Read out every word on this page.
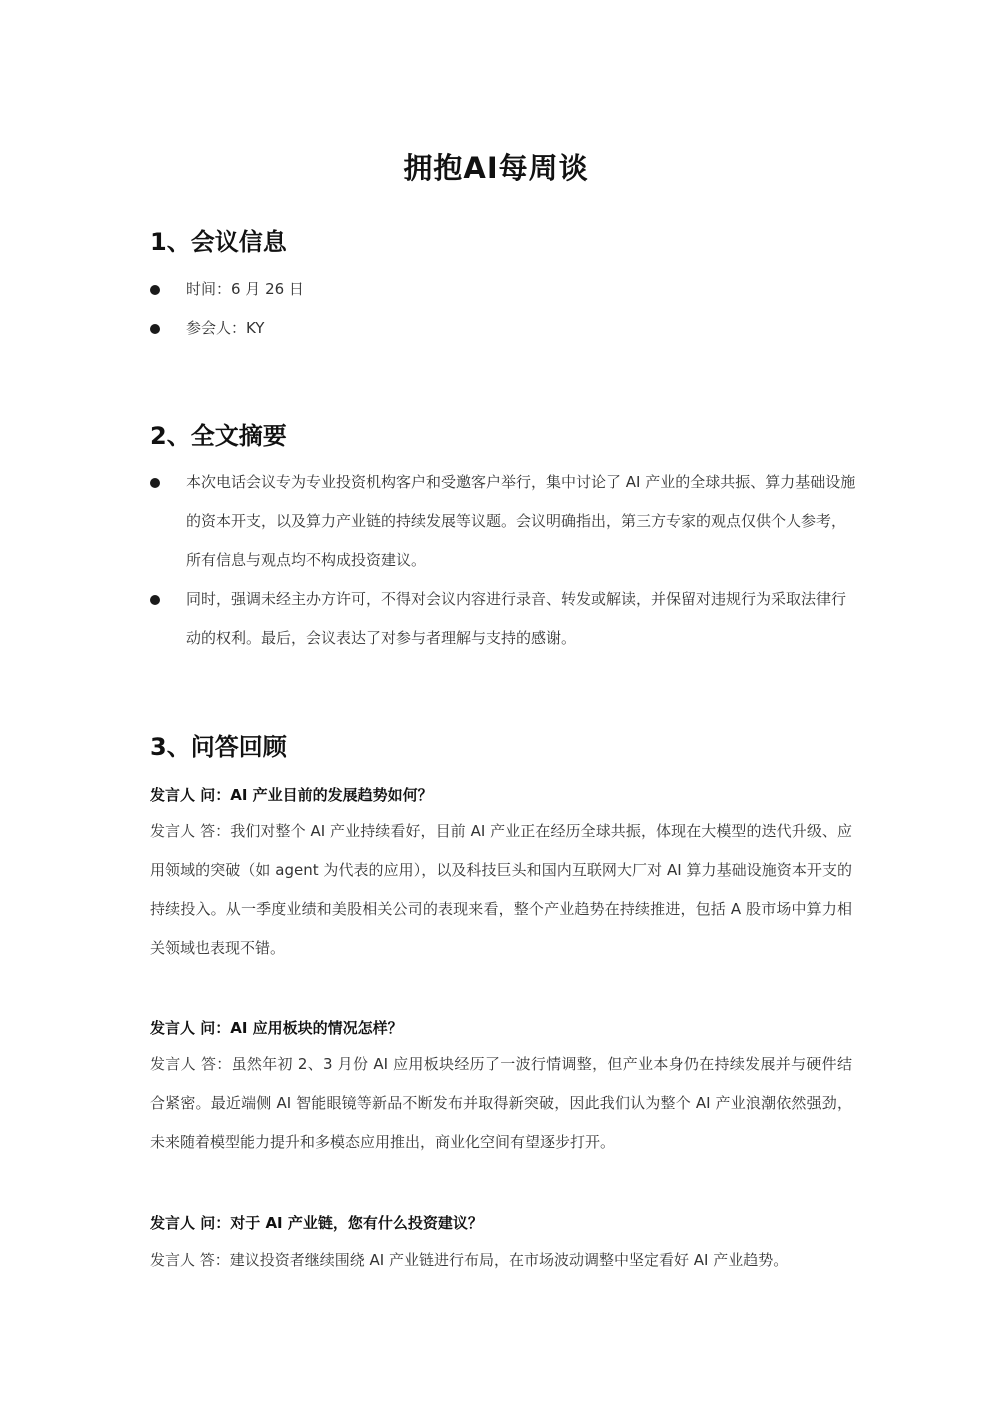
拥抱AI每周谈
1、会议信息
时间：6 月 26 日
参会人：KY
2、全文摘要
本次电话会议专为专业投资机构客户和受邀客户举行，集中讨论了 AI 产业的全球共振、算力基础设施的资本开支，以及算力产业链的持续发展等议题。会议明确指出，第三方专家的观点仅供个人参考，所有信息与观点均不构成投资建议。
同时，强调未经主办方许可，不得对会议内容进行录音、转发或解读，并保留对违规行为采取法律行动的权利。最后，会议表达了对参与者理解与支持的感谢。
3、问答回顾
发言人 问：AI 产业目前的发展趋势如何？
发言人 答：我们对整个 AI 产业持续看好，目前 AI 产业正在经历全球共振，体现在大模型的迭代升级、应用领域的突破（如 agent 为代表的应用），以及科技巨头和国内互联网大厂对 AI 算力基础设施资本开支的持续投入。从一季度业绩和美股相关公司的表现来看，整个产业趋势在持续推进，包括 A 股市场中算力相关领域也表现不错。
发言人 问：AI 应用板块的情况怎样？
发言人 答：虽然年初 2、3 月份 AI 应用板块经历了一波行情调整，但产业本身仍在持续发展并与硬件结合紧密。最近端侧 AI 智能眼镜等新品不断发布并取得新突破，因此我们认为整个 AI 产业浪潮依然强劲，未来随着模型能力提升和多模态应用推出，商业化空间有望逐步打开。
发言人 问：对于 AI 产业链，您有什么投资建议？
发言人 答：建议投资者继续围绕 AI 产业链进行布局，在市场波动调整中坚定看好 AI 产业趋势。
